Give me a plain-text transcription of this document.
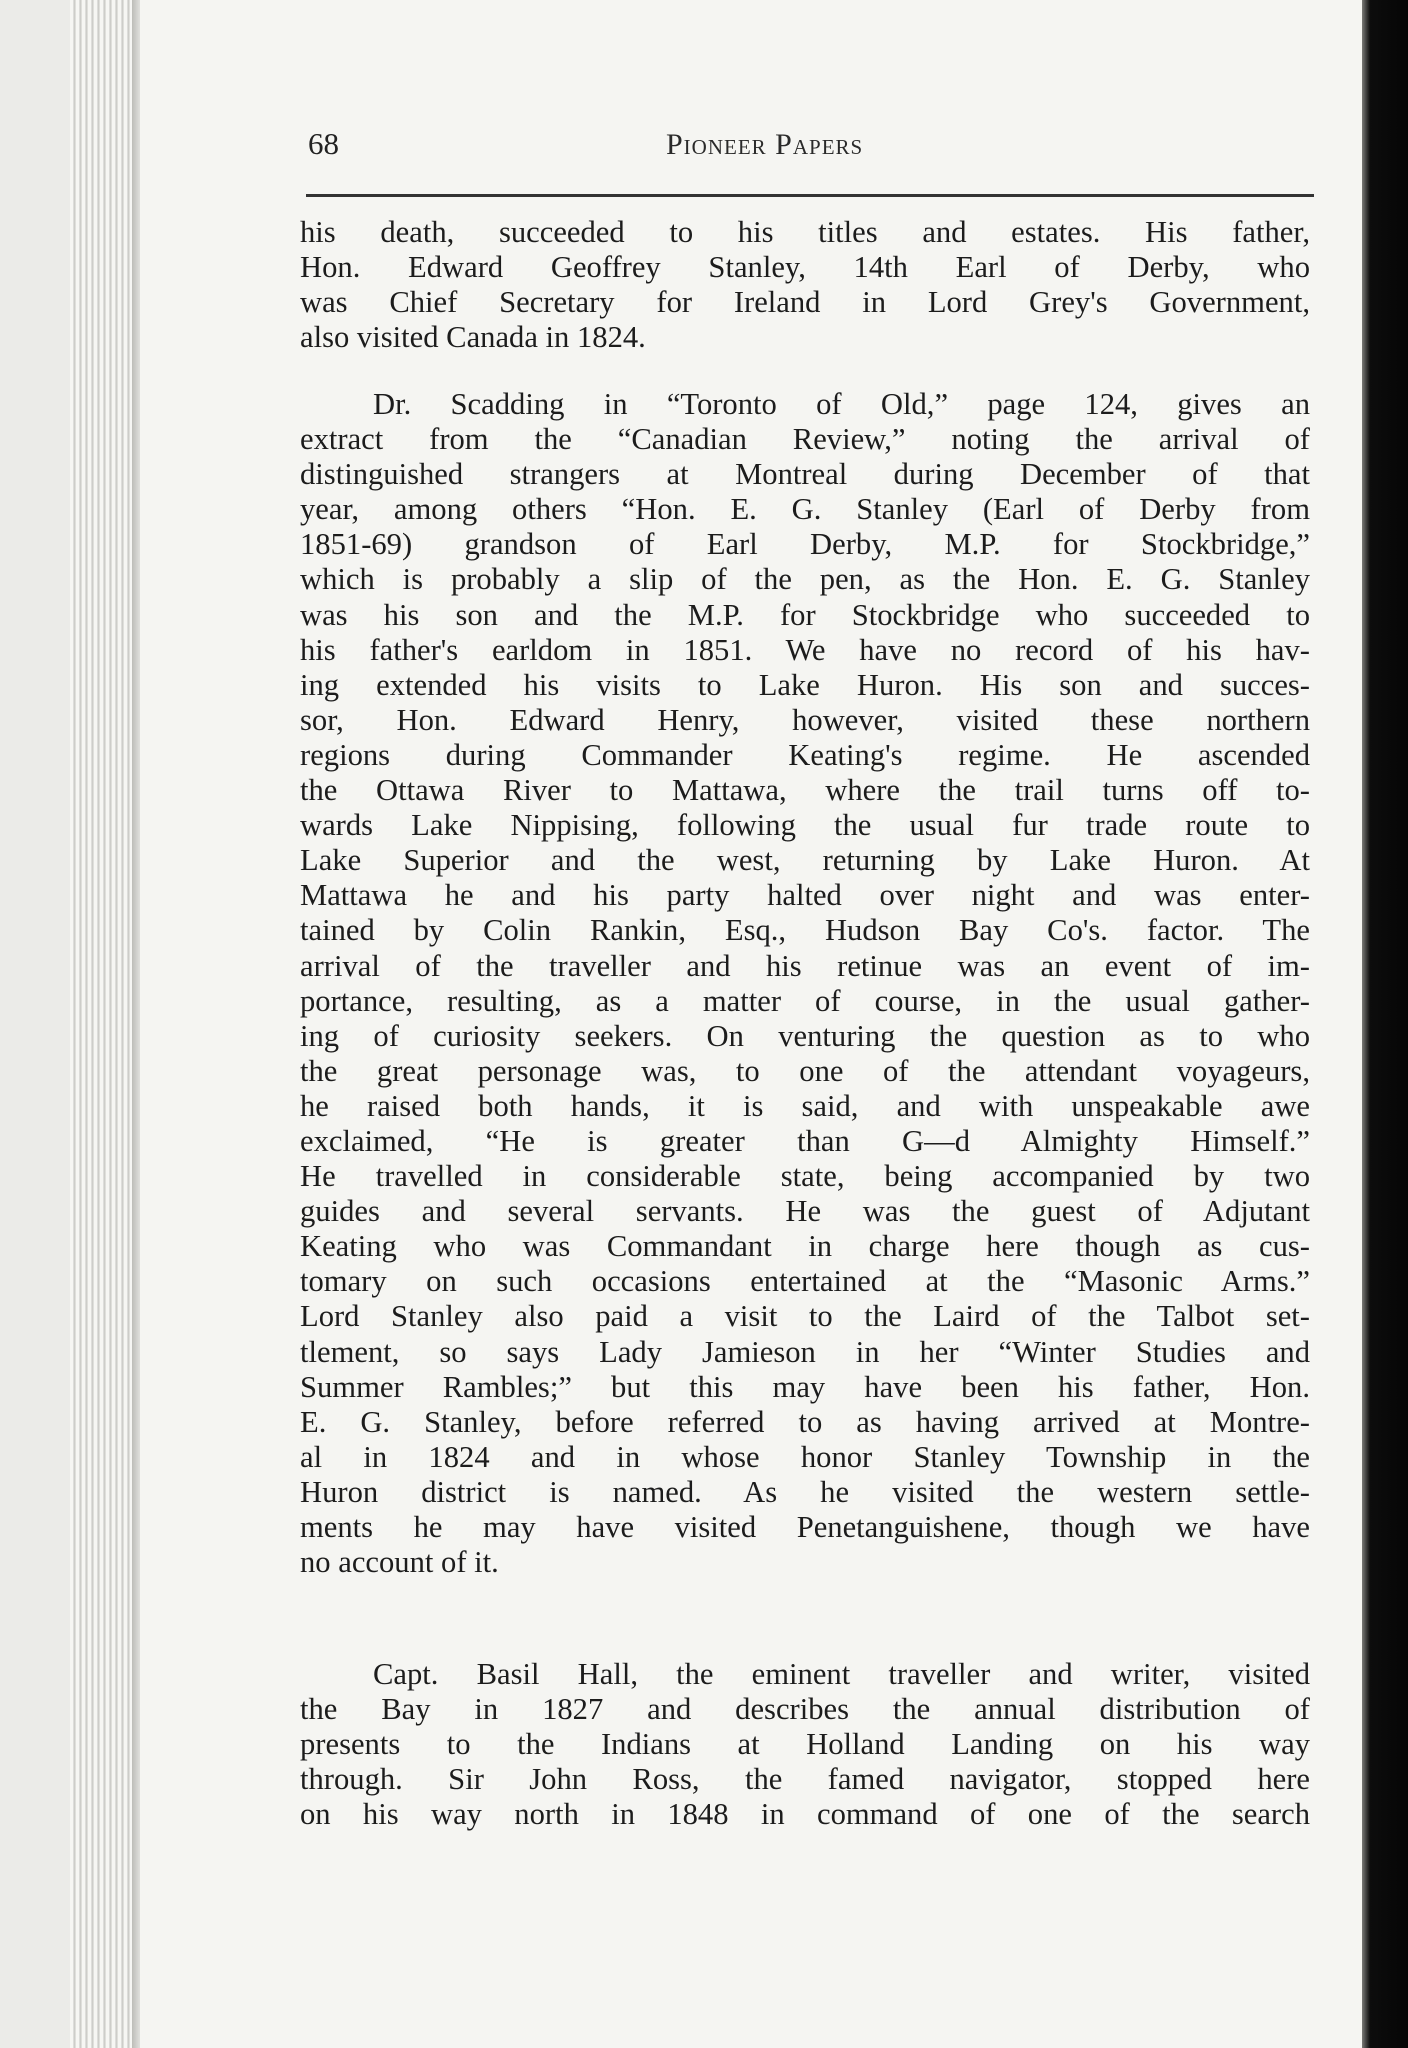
68	Pioneer Papers
his death, succeeded to his titles and estates. His father,
Hon. Edward Geoffrey Stanley, 14th Earl of Derby, who
was Chief Secretary for Ireland in Lord Grey's Government,
also visited Canada in 1824.
Dr. Scadding in “Toronto of Old,” page 124, gives an
extract from the “Canadian Review,” noting the arrival of
distinguished strangers at Montreal during December of that
year, among others “Hon. E. G. Stanley (Earl of Derby from
1851-69) grandson of Earl Derby, M.P. for Stockbridge,”
which is probably a slip of the pen, as the Hon. E. G. Stanley
was his son and the M.P. for Stockbridge who succeeded to
his father's earldom in 1851. We have no record of his hav-
ing extended his visits to Lake Huron. His son and succes-
sor, Hon. Edward Henry, however, visited these northern
regions during Commander Keating's regime. He ascended
the Ottawa River to Mattawa, where the trail turns off to-
wards Lake Nippising, following the usual fur trade route to
Lake Superior and the west, returning by Lake Huron. At
Mattawa he and his party halted over night and was enter-
tained by Colin Rankin, Esq., Hudson Bay Co's. factor. The
arrival of the traveller and his retinue was an event of im-
portance, resulting, as a matter of course, in the usual gather-
ing of curiosity seekers. On venturing the question as to who
the great personage was, to one of the attendant voyageurs,
he raised both hands, it is said, and with unspeakable awe
exclaimed, “He is greater than G—d Almighty Himself.”
He travelled in considerable state, being accompanied by two
guides and several servants. He was the guest of Adjutant
Keating who was Commandant in charge here though as cus-
tomary on such occasions entertained at the “Masonic Arms.”
Lord Stanley also paid a visit to the Laird of the Talbot set-
tlement, so says Lady Jamieson in her “Winter Studies and
Summer Rambles;” but this may have been his father, Hon.
E. G. Stanley, before referred to as having arrived at Montre-
al in 1824 and in whose honor Stanley Township in the
Huron district is named. As he visited the western settle-
ments he may have visited Penetanguishene, though we have
no account of it.
Capt. Basil Hall, the eminent traveller and writer, visited
the Bay in 1827 and describes the annual distribution of
presents to the Indians at Holland Landing on his way
through. Sir John Ross, the famed navigator, stopped here
on his way north in 1848 in command of one of the search
